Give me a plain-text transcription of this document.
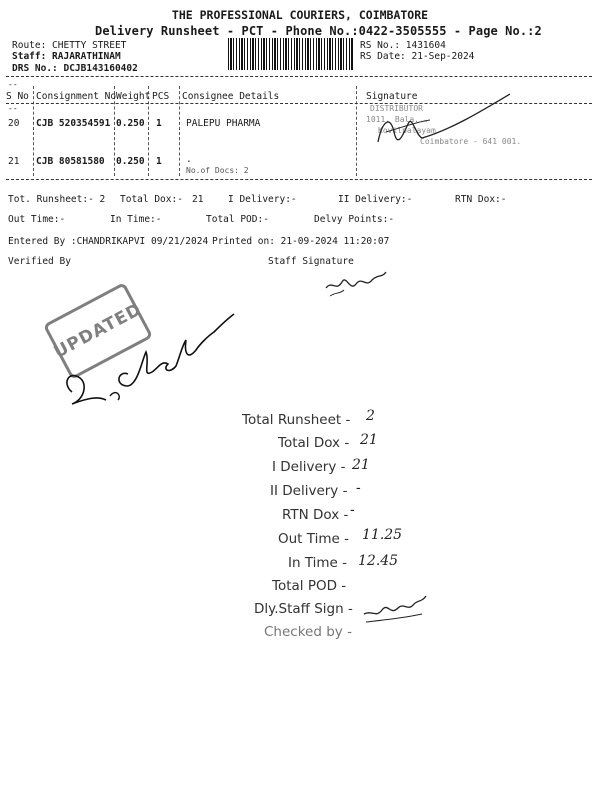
THE PROFESSIONAL COURIERS, COIMBATORE
Delivery Runsheet - PCT - Phone No.:0422-3505555 - Page No.:2
Route: CHETTY STREET
Staff: RAJARATHINAM
DRS No.: DCJB143160402
RS No.: 1431604
RS Date: 21-Sep-2024
--
S No Consignment No Weight PCS Consignee Details	Signature
--
20 CJB 520354591 0.250 1	PALEPU PHARMA
21 CJB 80581580 0.250 1	.
No.of Docs: 2
DISTRIBUTOR
1011, Bala...
Kovilpalayam
Coimbatore - 641 001.
Tot. Runsheet:- 2 Total Dox:- 21	I Delivery:-	II Delivery:-	RTN Dox:-
Out Time:-	In Time:-	Total POD:-	Delvy Points:-
Entered By :CHANDRIKAPVI 09/21/2024 Printed on: 21-09-2024 11:20:07
Verified By	Staff Signature
UPDATED
Total Runsheet - 2
Total Dox - 21
I Delivery - 21
II Delivery - -
RTN Dox - -
Out Time - 11.25
In Time - 12.45
Total POD -
Dly.Staff Sign -
Checked by -
